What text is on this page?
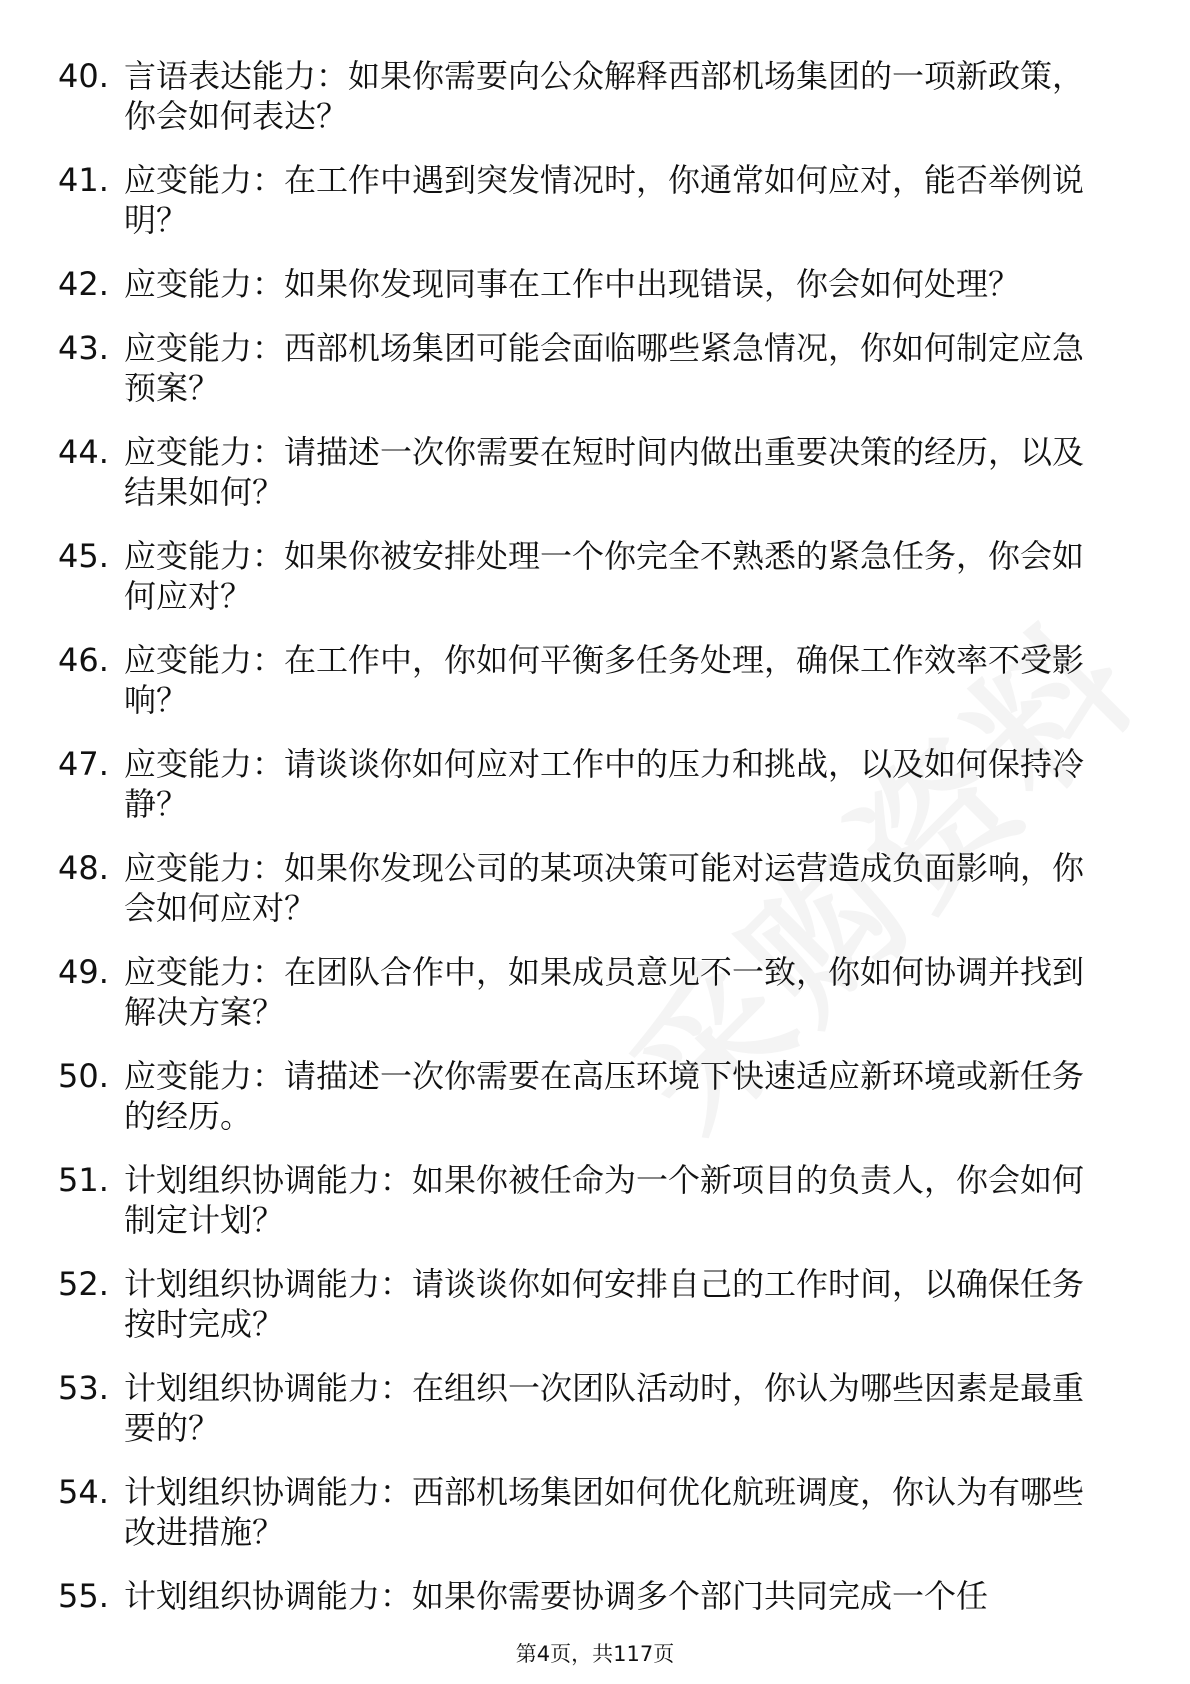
40. 言语表达能力：如果你需要向公众解释西部机场集团的一项新政策，你会如何表达？
41. 应变能力：在工作中遇到突发情况时，你通常如何应对，能否举例说明？
42. 应变能力：如果你发现同事在工作中出现错误，你会如何处理？
43. 应变能力：西部机场集团可能会面临哪些紧急情况，你如何制定应急预案？
44. 应变能力：请描述一次你需要在短时间内做出重要决策的经历，以及结果如何？
45. 应变能力：如果你被安排处理一个你完全不熟悉的紧急任务，你会如何应对？
46. 应变能力：在工作中，你如何平衡多任务处理，确保工作效率不受影响？
47. 应变能力：请谈谈你如何应对工作中的压力和挑战，以及如何保持冷静？
48. 应变能力：如果你发现公司的某项决策可能对运营造成负面影响，你会如何应对？
49. 应变能力：在团队合作中，如果成员意见不一致，你如何协调并找到解决方案？
50. 应变能力：请描述一次你需要在高压环境下快速适应新环境或新任务的经历。
51. 计划组织协调能力：如果你被任命为一个新项目的负责人，你会如何制定计划？
52. 计划组织协调能力：请谈谈你如何安排自己的工作时间，以确保任务按时完成？
53. 计划组织协调能力：在组织一次团队活动时，你认为哪些因素是最重要的？
54. 计划组织协调能力：西部机场集团如何优化航班调度，你认为有哪些改进措施？
55. 计划组织协调能力：如果你需要协调多个部门共同完成一个任
第4页，共117页
